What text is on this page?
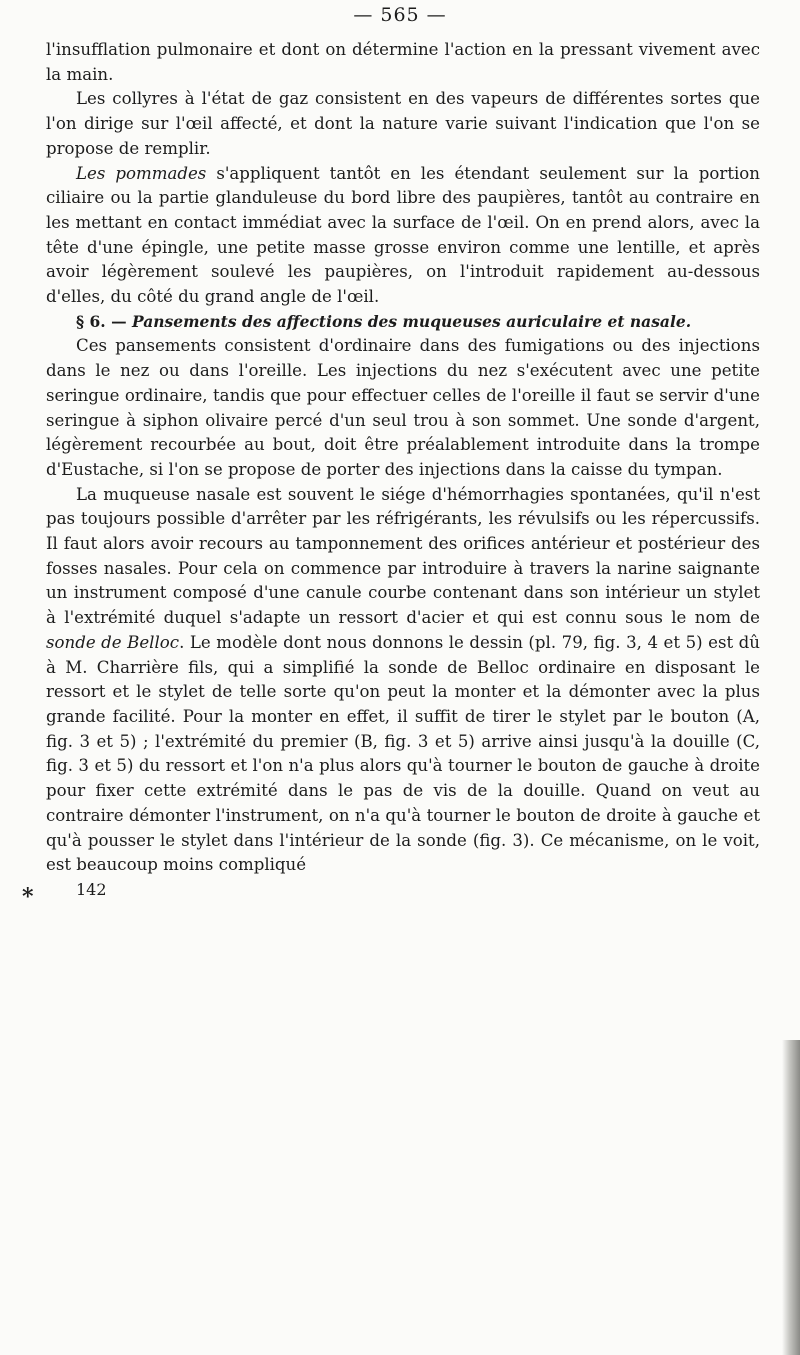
— 565 —
*

l'insufflation pulmonaire et dont on détermine l'action en la pressant vivement avec la main.

Les collyres à l'état de gaz consistent en des vapeurs de différentes sortes que l'on dirige sur l'œil affecté, et dont la nature varie suivant l'indication que l'on se propose de remplir.

Les pommades s'appliquent tantôt en les étendant seulement sur la portion ciliaire ou la partie glanduleuse du bord libre des paupières, tantôt au contraire en les mettant en contact immédiat avec la surface de l'œil. On en prend alors, avec la tête d'une épingle, une petite masse grosse environ comme une lentille, et après avoir légèrement soulevé les paupières, on l'introduit rapidement au-dessous d'elles, du côté du grand angle de l'œil.

§ 6. — Pansements des affections des muqueuses auriculaire et nasale.

Ces pansements consistent d'ordinaire dans des fumigations ou des injections dans le nez ou dans l'oreille. Les injections du nez s'exécutent avec une petite seringue ordinaire, tandis que pour effectuer celles de l'oreille il faut se servir d'une seringue à siphon olivaire percé d'un seul trou à son sommet. Une sonde d'argent, légèrement recourbée au bout, doit être préalablement introduite dans la trompe d'Eustache, si l'on se propose de porter des injections dans la caisse du tympan.

La muqueuse nasale est souvent le siége d'hémorrhagies spontanées, qu'il n'est pas toujours possible d'arrêter par les réfrigérants, les révulsifs ou les répercussifs. Il faut alors avoir recours au tamponnement des orifices antérieur et postérieur des fosses nasales. Pour cela on commence par introduire à travers la narine saignante un instrument composé d'une canule courbe contenant dans son intérieur un stylet à l'extrémité duquel s'adapte un ressort d'acier et qui est connu sous le nom de sonde de Belloc. Le modèle dont nous donnons le dessin (pl. 79, fig. 3, 4 et 5) est dû à M. Charrière fils, qui a simplifié la sonde de Belloc ordinaire en disposant le ressort et le stylet de telle sorte qu'on peut la monter et la démonter avec la plus grande facilité. Pour la monter en effet, il suffit de tirer le stylet par le bouton (A, fig. 3 et 5) ; l'extrémité du premier (B, fig. 3 et 5) arrive ainsi jusqu'à la douille (C, fig. 3 et 5) du ressort et l'on n'a plus alors qu'à tourner le bouton de gauche à droite pour fixer cette extrémité dans le pas de vis de la douille. Quand on veut au contraire démonter l'instrument, on n'a qu'à tourner le bouton de droite à gauche et qu'à pousser le stylet dans l'intérieur de la sonde (fig. 3). Ce mécanisme, on le voit, est beaucoup moins compliqué

142
